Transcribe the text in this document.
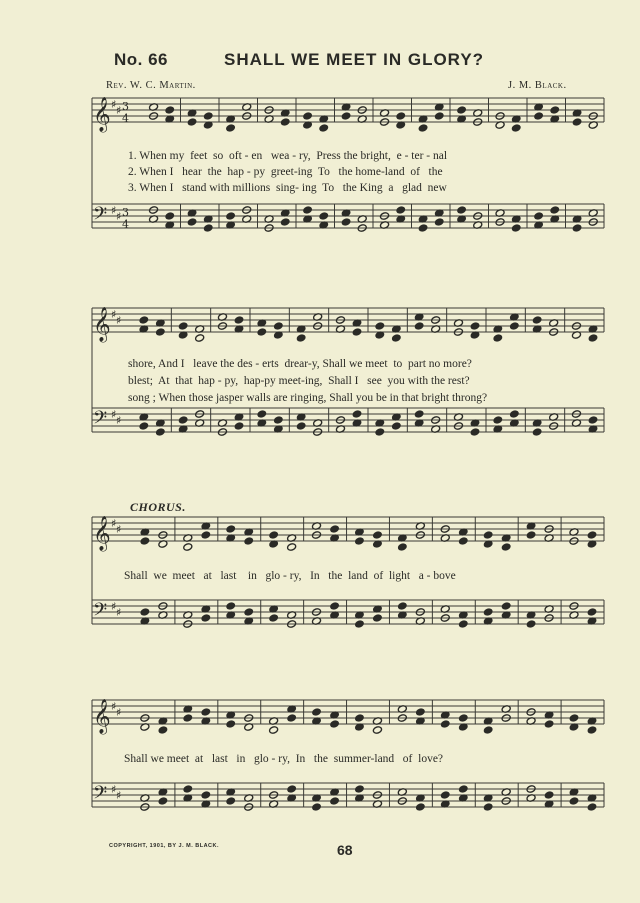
No. 66	SHALL WE MEET IN GLORY?
Rev. W. C. Martin.	J. M. Black.
𝄞 ♯ ♯ 3
4
𝄢 ♯ ♯ 3
4
𝄞 ♯ ♯
𝄢 ♯ ♯
𝄞 ♯ ♯
𝄢 ♯ ♯
𝄞 ♯ ♯
𝄢 ♯ ♯
1. When my  feet  so  oft - en   wea - ry,  Press the bright,  e - ter - nal
2. When I   hear  the  hap - py  greet-ing  To   the home-land  of   the
3. When I   stand with millions  sing- ing  To   the King  a   glad  new
shore, And I   leave the des - erts  drear-y, Shall we meet  to  part no more?
blest;  At  that  hap - py,  hap-py meet-ing,  Shall I   see  you with the rest?
song ; When those jasper walls are ringing, Shall you be in that bright throng?
CHORUS.
Shall  we  meet   at   last    in   glo - ry,   In   the  land  of  light   a - bove
Shall we meet  at   last   in   glo - ry,  In   the  summer-land   of  love?
COPYRIGHT, 1901, BY J. M. BLACK.	68
